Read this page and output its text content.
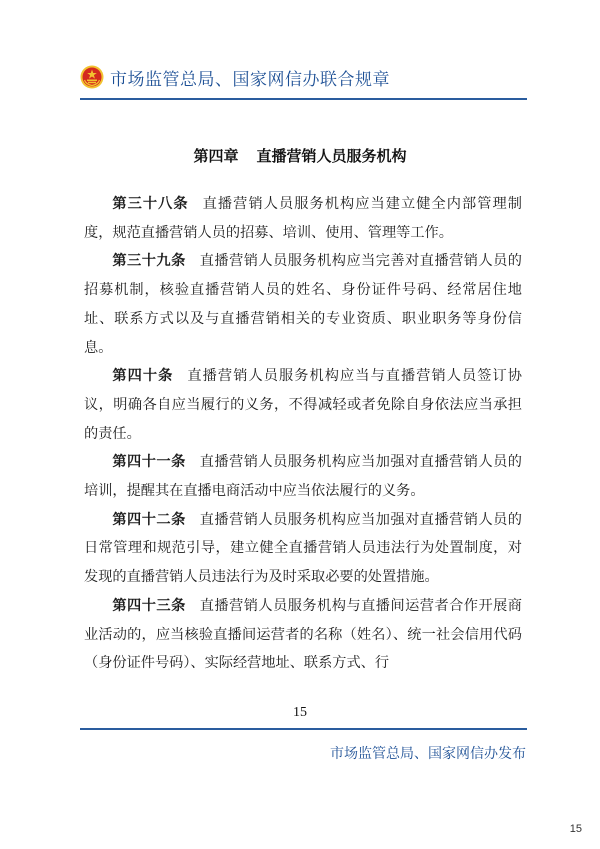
市场监管总局、国家网信办联合规章
第四章 直播营销人员服务机构

第三十八条 直播营销人员服务机构应当建立健全内部管理制度，规范直播营销人员的招募、培训、使用、管理等工作。

第三十九条 直播营销人员服务机构应当完善对直播营销人员的招募机制，核验直播营销人员的姓名、身份证件号码、经常居住地址、联系方式以及与直播营销相关的专业资质、职业职务等身份信息。

第四十条 直播营销人员服务机构应当与直播营销人员签订协议，明确各自应当履行的义务，不得减轻或者免除自身依法应当承担的责任。

第四十一条 直播营销人员服务机构应当加强对直播营销人员的培训，提醒其在直播电商活动中应当依法履行的义务。

第四十二条 直播营销人员服务机构应当加强对直播营销人员的日常管理和规范引导，建立健全直播营销人员违法行为处置制度，对发现的直播营销人员违法行为及时采取必要的处置措施。

第四十三条 直播营销人员服务机构与直播间运营者合作开展商业活动的，应当核验直播间运营者的名称（姓名）、统一社会信用代码（身份证件号码）、实际经营地址、联系方式、行

15
市场监管总局、国家网信办发布
15
